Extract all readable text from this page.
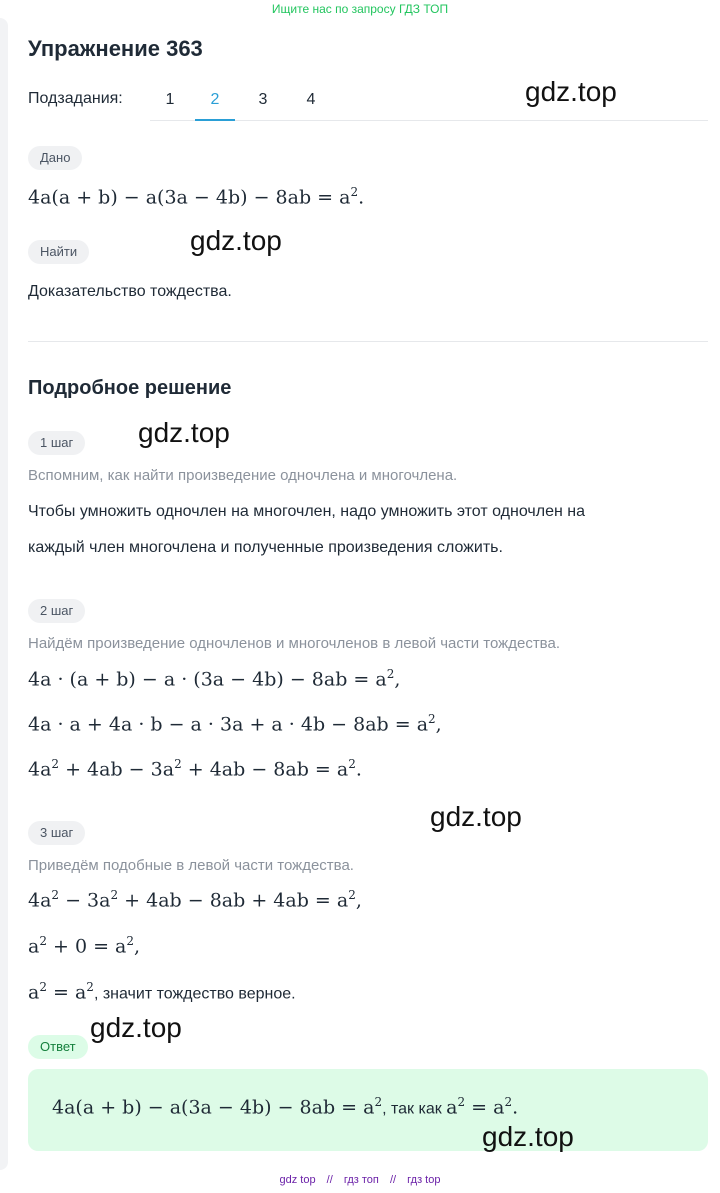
Ищите нас по запросу ГДЗ ТОП
Упражнение 363
Подзадания:	1	2	3	4	gdz.top
Дано
$4a(a + b) - a(3a - 4b) - 8ab = a^2$.
Найти	gdz.top
Доказательство тождества.
Подробное решение
1 шаг	gdz.top
Вспомним, как найти произведение одночлена и многочлена.
Чтобы умножить одночлен на многочлен, надо умножить этот одночлен на
каждый член многочлена и полученные произведения сложить.
2 шаг
Найдём произведение одночленов и многочленов в левой части тождества.
$4a \cdot (a + b) - a \cdot (3a - 4b) - 8ab = a^2$,
$4a \cdot a + 4a \cdot b - a \cdot 3a + a \cdot 4b - 8ab = a^2$,
$4a^2 + 4ab - 3a^2 + 4ab - 8ab = a^2$.
gdz.top
3 шаг
Приведём подобные в левой части тождества.
$4a^2 - 3a^2 + 4ab - 8ab + 4ab = a^2$,
$a^2 + 0 = a^2$,
$a^2 = a^2$, значит тождество верное.
gdz.top
Ответ
$4a(a + b) - a(3a - 4b) - 8ab = a^2$, так как $a^2 = a^2$.
gdz.top
gdz top // гдз топ // гдз top
